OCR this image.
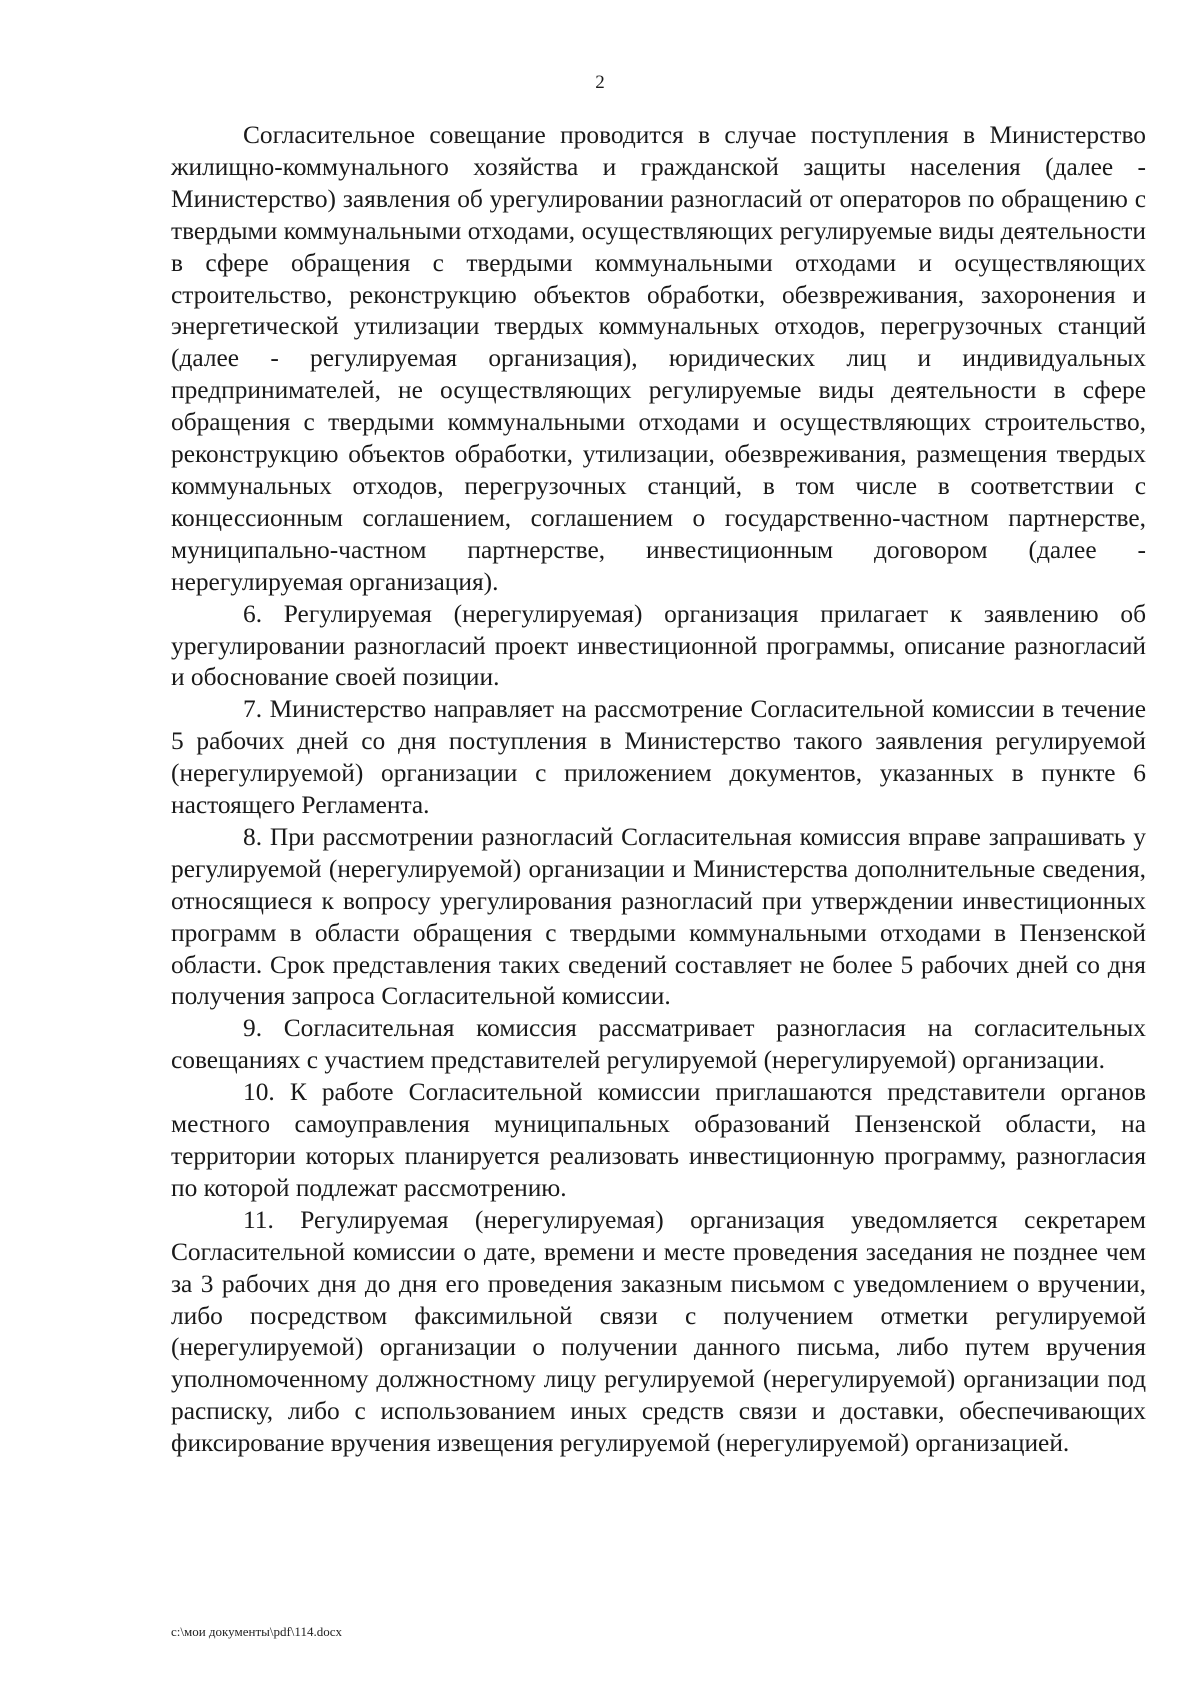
2

Согласительное совещание проводится в случае поступления в Министерство жилищно-коммунального хозяйства и гражданской защиты населения (далее - Министерство) заявления об урегулировании разногласий от операторов по обращению с твердыми коммунальными отходами, осуществляющих регулируемые виды деятельности в сфере обращения с твердыми коммунальными отходами и осуществляющих строительство, реконструкцию объектов обработки, обезвреживания, захоронения и энергетической утилизации твердых коммунальных отходов, перегрузочных станций (далее - регулируемая организация), юридических лиц и индивидуальных предпринимателей, не осуществляющих регулируемые виды деятельности в сфере обращения с твердыми коммунальными отходами и осуществляющих строительство, реконструкцию объектов обработки, утилизации, обезвреживания, размещения твердых коммунальных отходов, перегрузочных станций, в том числе в соответствии с концессионным соглашением, соглашением о государственно-частном партнерстве, муниципально-частном партнерстве, инвестиционным договором (далее - нерегулируемая организация).

6. Регулируемая (нерегулируемая) организация прилагает к заявлению об урегулировании разногласий проект инвестиционной программы, описание разногласий и обоснование своей позиции.

7. Министерство направляет на рассмотрение Согласительной комиссии в течение 5 рабочих дней со дня поступления в Министерство такого заявления регулируемой (нерегулируемой) организации с приложением документов, указанных в пункте 6 настоящего Регламента.

8. При рассмотрении разногласий Согласительная комиссия вправе запрашивать у регулируемой (нерегулируемой) организации и Министерства дополнительные сведения, относящиеся к вопросу урегулирования разногласий при утверждении инвестиционных программ в области обращения с твердыми коммунальными отходами в Пензенской области. Срок представления таких сведений составляет не более 5 рабочих дней со дня получения запроса Согласительной комиссии.

9. Согласительная комиссия рассматривает разногласия на согласительных совещаниях с участием представителей регулируемой (нерегулируемой) организации.

10. К работе Согласительной комиссии приглашаются представители органов местного самоуправления муниципальных образований Пензенской области, на территории которых планируется реализовать инвестиционную программу, разногласия по которой подлежат рассмотрению.

11. Регулируемая (нерегулируемая) организация уведомляется секретарем Согласительной комиссии о дате, времени и месте проведения заседания не позднее чем за 3 рабочих дня до дня его проведения заказным письмом с уведомлением о вручении, либо посредством факсимильной связи с получением отметки регулируемой (нерегулируемой) организации о получении данного письма, либо путем вручения уполномоченному должностному лицу регулируемой (нерегулируемой) организации под расписку, либо с использованием иных средств связи и доставки, обеспечивающих фиксирование вручения извещения регулируемой (нерегулируемой) организацией.

c:\мои документы\pdf\114.docx
